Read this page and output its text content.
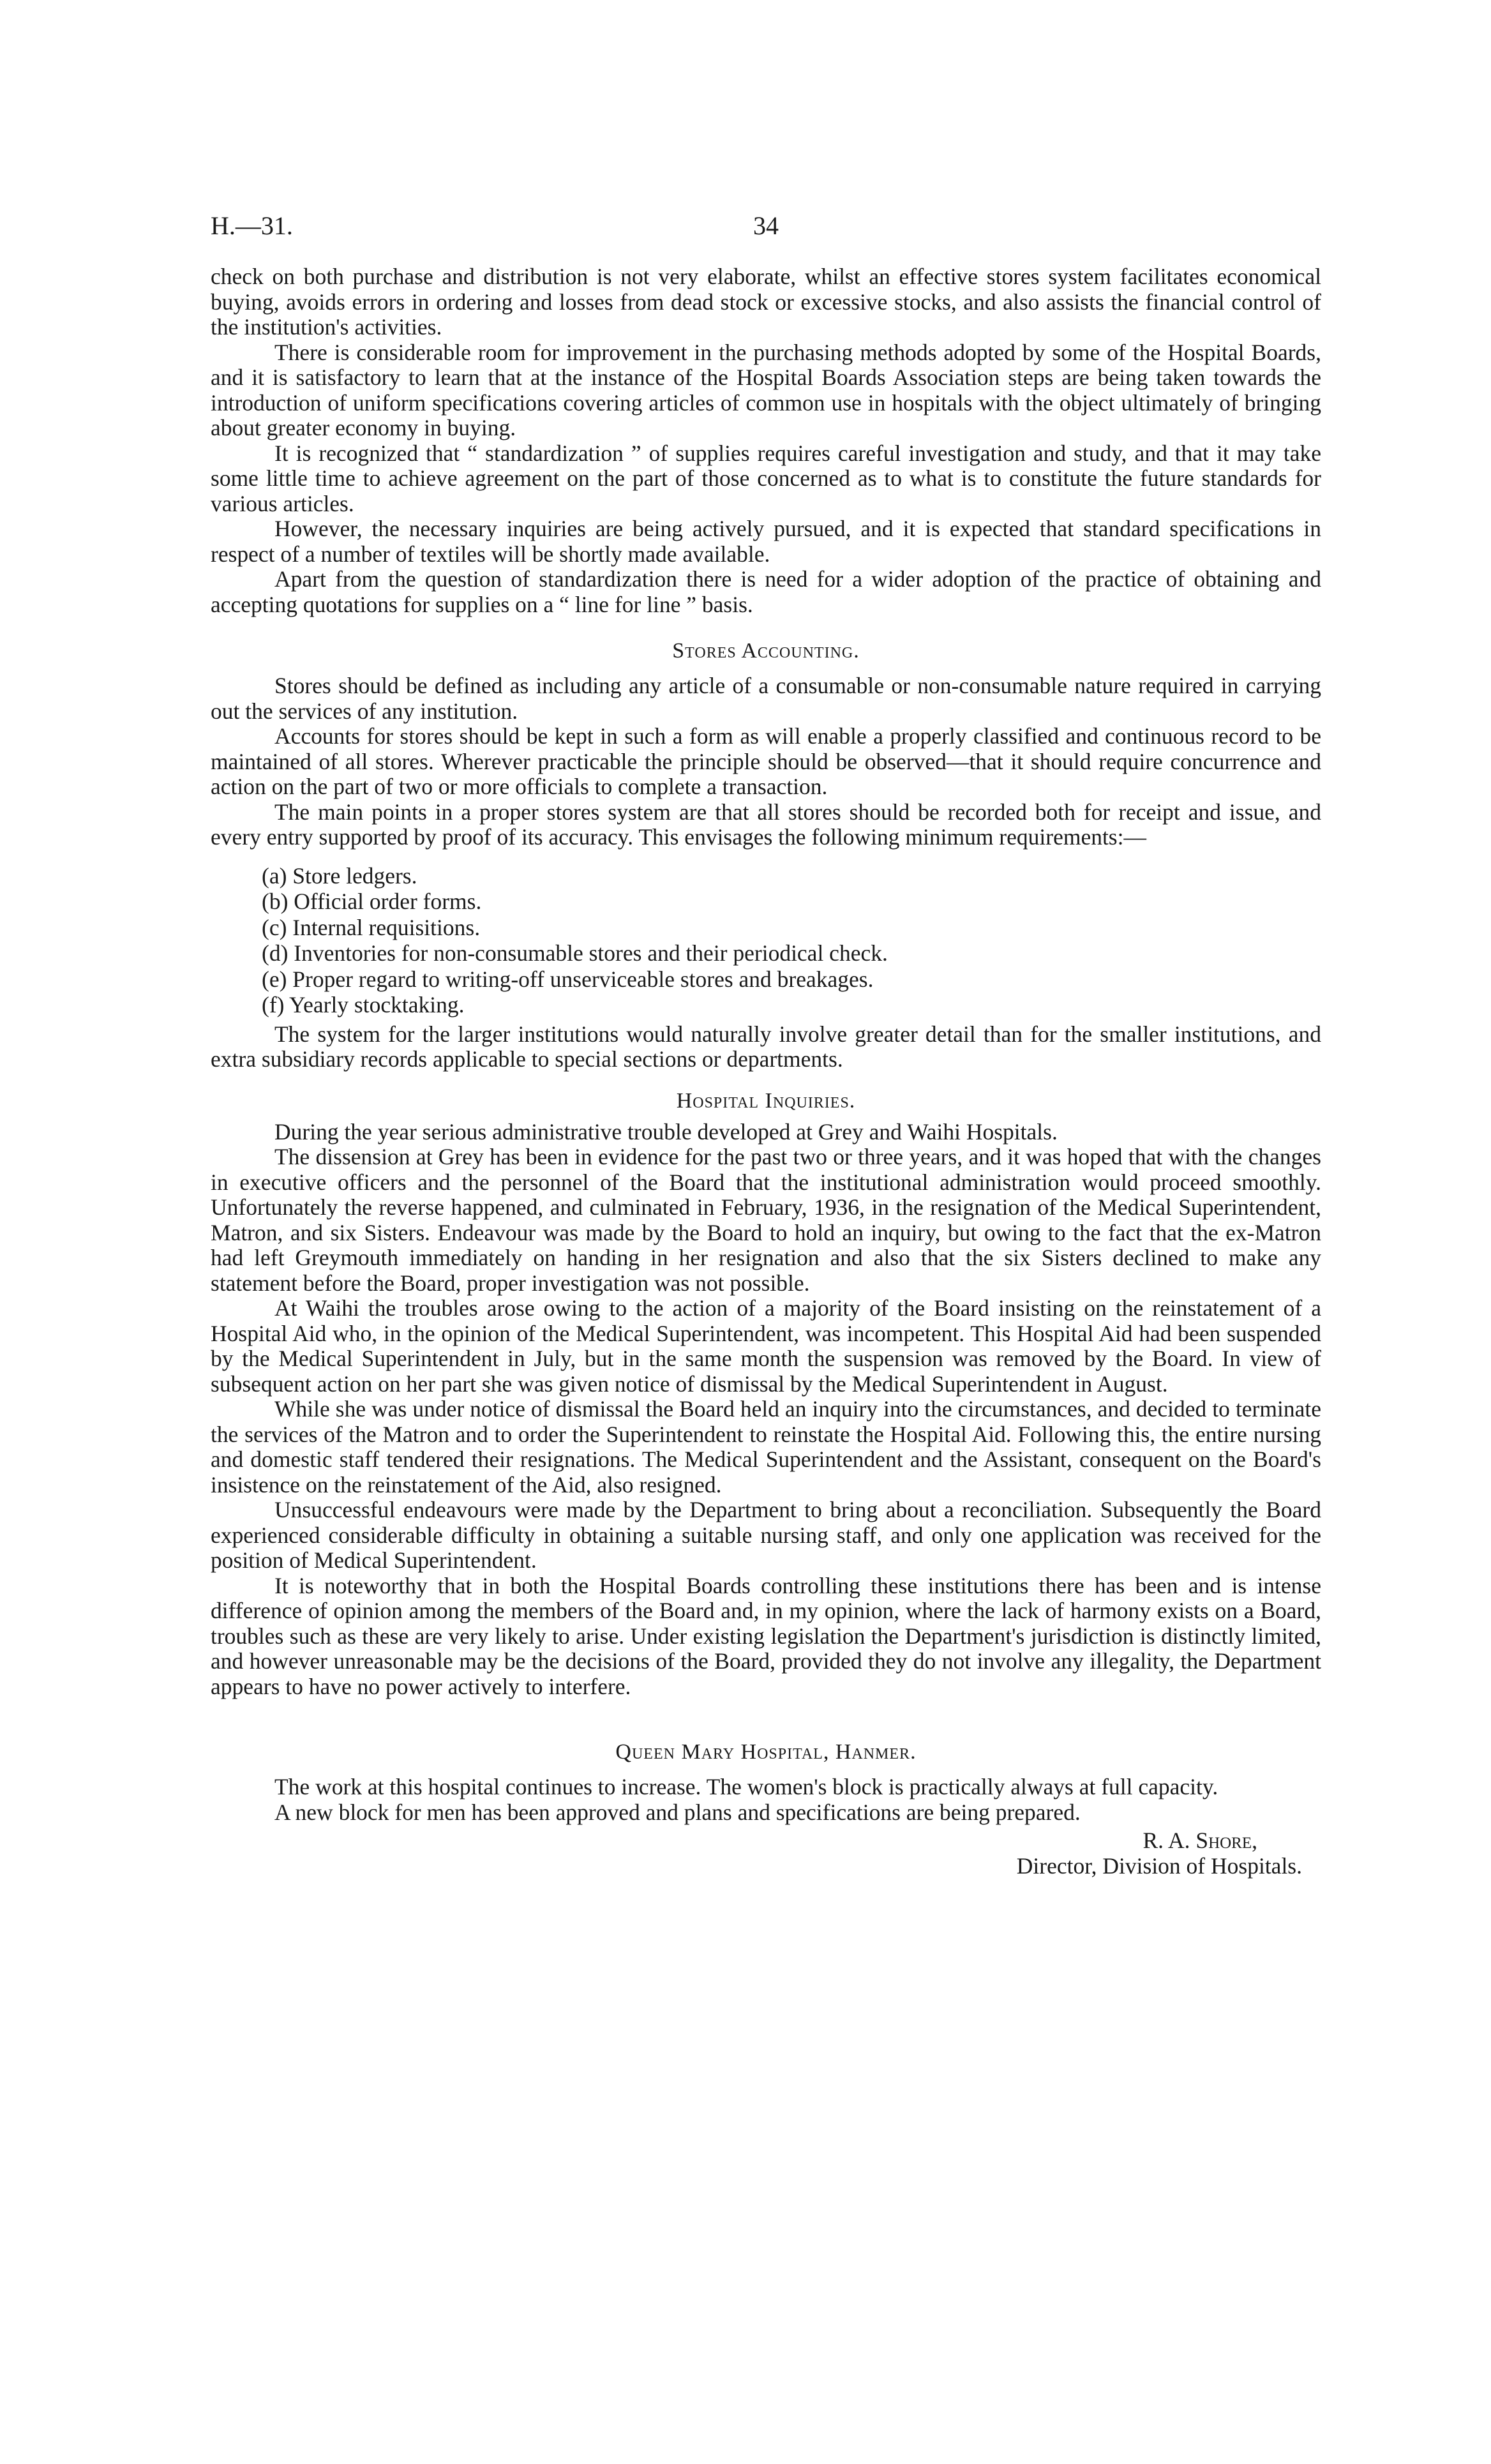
H.—31.	34

check on both purchase and distribution is not very elaborate, whilst an effective stores system facilitates economical buying, avoids errors in ordering and losses from dead stock or excessive stocks, and also assists the financial control of the institution's activities.

There is considerable room for improvement in the purchasing methods adopted by some of the Hospital Boards, and it is satisfactory to learn that at the instance of the Hospital Boards Association steps are being taken towards the introduction of uniform specifications covering articles of common use in hospitals with the object ultimately of bringing about greater economy in buying.

It is recognized that “ standardization ” of supplies requires careful investigation and study, and that it may take some little time to achieve agreement on the part of those concerned as to what is to constitute the future standards for various articles.

However, the necessary inquiries are being actively pursued, and it is expected that standard specifications in respect of a number of textiles will be shortly made available.

Apart from the question of standardization there is need for a wider adoption of the practice of obtaining and accepting quotations for supplies on a “ line for line ” basis.

Stores Accounting.

Stores should be defined as including any article of a consumable or non-consumable nature required in carrying out the services of any institution.

Accounts for stores should be kept in such a form as will enable a properly classified and continuous record to be maintained of all stores. Wherever practicable the principle should be observed—that it should require concurrence and action on the part of two or more officials to complete a transaction.

The main points in a proper stores system are that all stores should be recorded both for receipt and issue, and every entry supported by proof of its accuracy. This envisages the following minimum requirements:—

(a) Store ledgers.
(b) Official order forms.
(c) Internal requisitions.
(d) Inventories for non-consumable stores and their periodical check.
(e) Proper regard to writing-off unserviceable stores and breakages.
(f) Yearly stocktaking.

The system for the larger institutions would naturally involve greater detail than for the smaller institutions, and extra subsidiary records applicable to special sections or departments.

Hospital Inquiries.

During the year serious administrative trouble developed at Grey and Waihi Hospitals.

The dissension at Grey has been in evidence for the past two or three years, and it was hoped that with the changes in executive officers and the personnel of the Board that the institutional administration would proceed smoothly. Unfortunately the reverse happened, and culminated in February, 1936, in the resignation of the Medical Superintendent, Matron, and six Sisters. Endeavour was made by the Board to hold an inquiry, but owing to the fact that the ex-Matron had left Greymouth immediately on handing in her resignation and also that the six Sisters declined to make any statement before the Board, proper investigation was not possible.

At Waihi the troubles arose owing to the action of a majority of the Board insisting on the reinstatement of a Hospital Aid who, in the opinion of the Medical Superintendent, was incompetent. This Hospital Aid had been suspended by the Medical Superintendent in July, but in the same month the suspension was removed by the Board. In view of subsequent action on her part she was given notice of dismissal by the Medical Superintendent in August.

While she was under notice of dismissal the Board held an inquiry into the circumstances, and decided to terminate the services of the Matron and to order the Superintendent to reinstate the Hospital Aid. Following this, the entire nursing and domestic staff tendered their resignations. The Medical Superintendent and the Assistant, consequent on the Board's insistence on the reinstatement of the Aid, also resigned.

Unsuccessful endeavours were made by the Department to bring about a reconciliation. Subsequently the Board experienced considerable difficulty in obtaining a suitable nursing staff, and only one application was received for the position of Medical Superintendent.

It is noteworthy that in both the Hospital Boards controlling these institutions there has been and is intense difference of opinion among the members of the Board and, in my opinion, where the lack of harmony exists on a Board, troubles such as these are very likely to arise. Under existing legislation the Department's jurisdiction is distinctly limited, and however unreasonable may be the decisions of the Board, provided they do not involve any illegality, the Department appears to have no power actively to interfere.

Queen Mary Hospital, Hanmer.

The work at this hospital continues to increase. The women's block is practically always at full capacity.

A new block for men has been approved and plans and specifications are being prepared.

R. A. Shore,
Director, Division of Hospitals.
